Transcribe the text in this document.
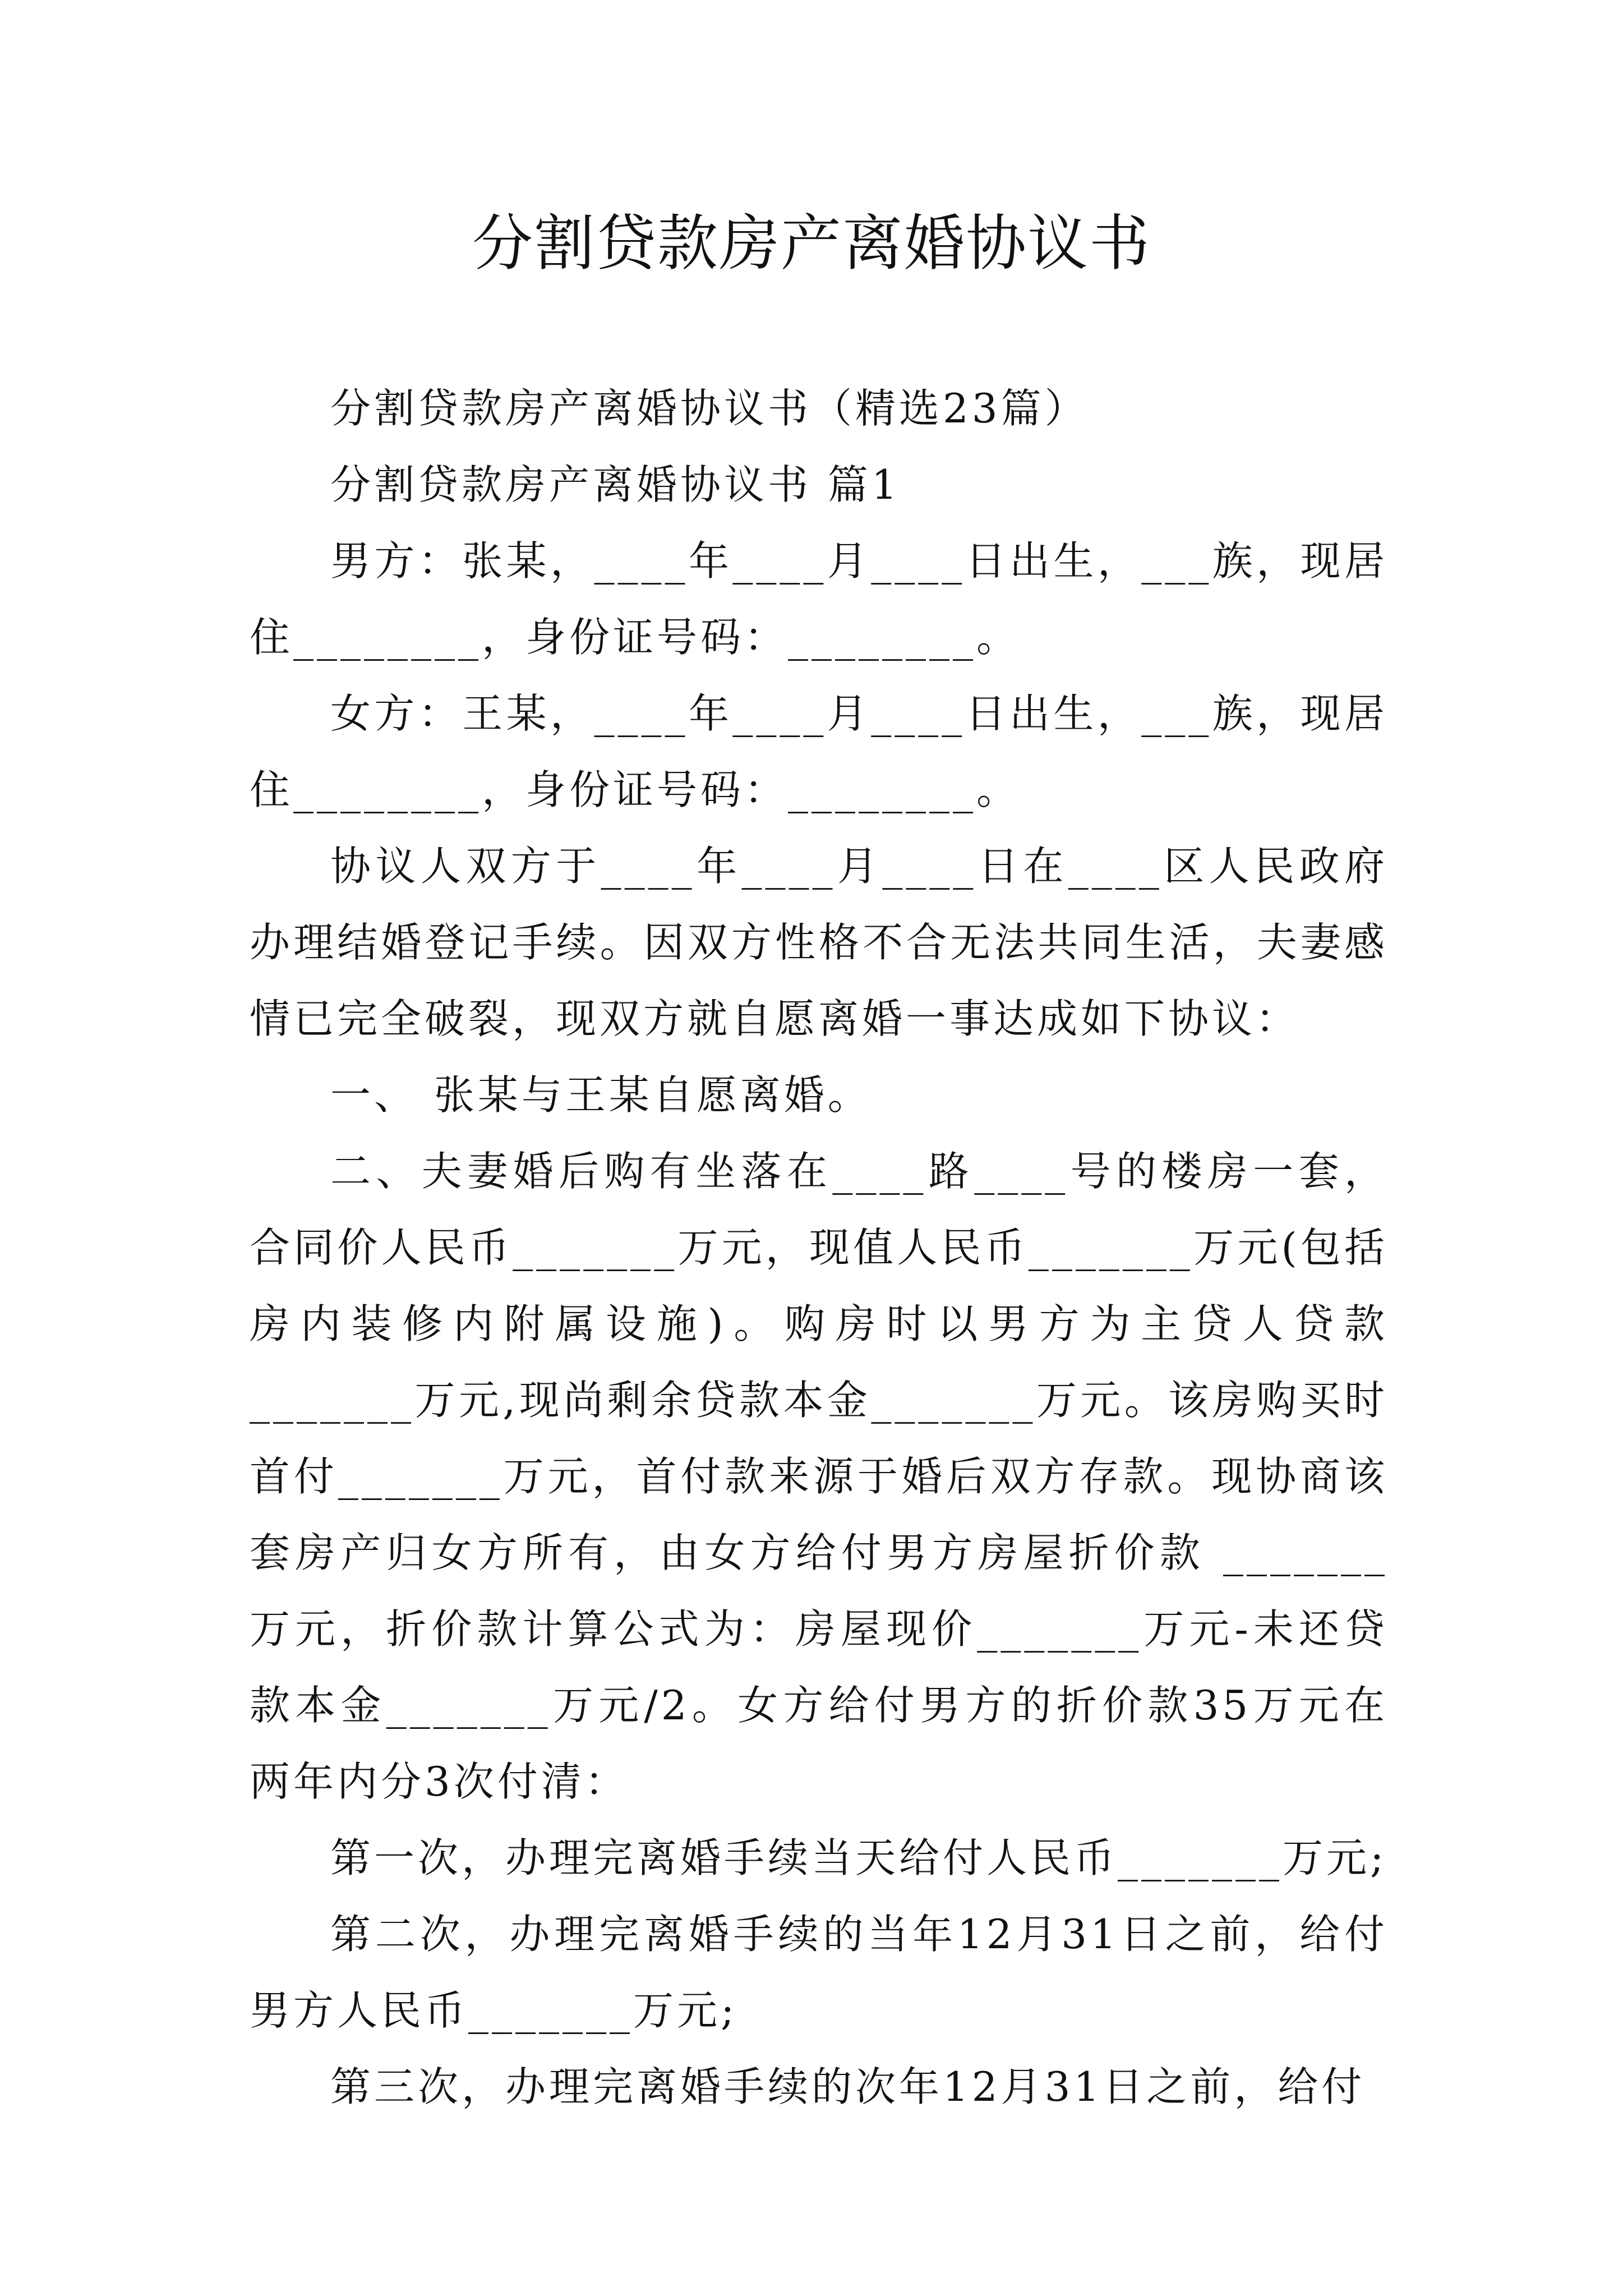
分割贷款房产离婚协议书

分割贷款房产离婚协议书（精选23篇）

分割贷款房产离婚协议书 篇1

男方：张某，____年____月____日出生，___族，现居住________，身份证号码：________。

女方：王某，____年____月____日出生，___族，现居住________，身份证号码：________。

协议人双方于____年____月____日在____区人民政府办理结婚登记手续。因双方性格不合无法共同生活，夫妻感情已完全破裂，现双方就自愿离婚一事达成如下协议：

一、 张某与王某自愿离婚。

二、夫妻婚后购有坐落在____路____号的楼房一套，合同价人民币_______万元，现值人民币_______万元(包括房内装修内附属设施)。购房时以男方为主贷人贷款_______万元,现尚剩余贷款本金_______万元。该房购买时首付_______万元，首付款来源于婚后双方存款。现协商该套房产归女方所有，由女方给付男方房屋折价款 _______万元，折价款计算公式为：房屋现价_______万元-未还贷款本金_______万元/2。女方给付男方的折价款35万元在两年内分3次付清：

第一次，办理完离婚手续当天给付人民币_______万元;

第二次，办理完离婚手续的当年12月31日之前，给付男方人民币_______万元;

第三次，办理完离婚手续的次年12月31日之前，给付
